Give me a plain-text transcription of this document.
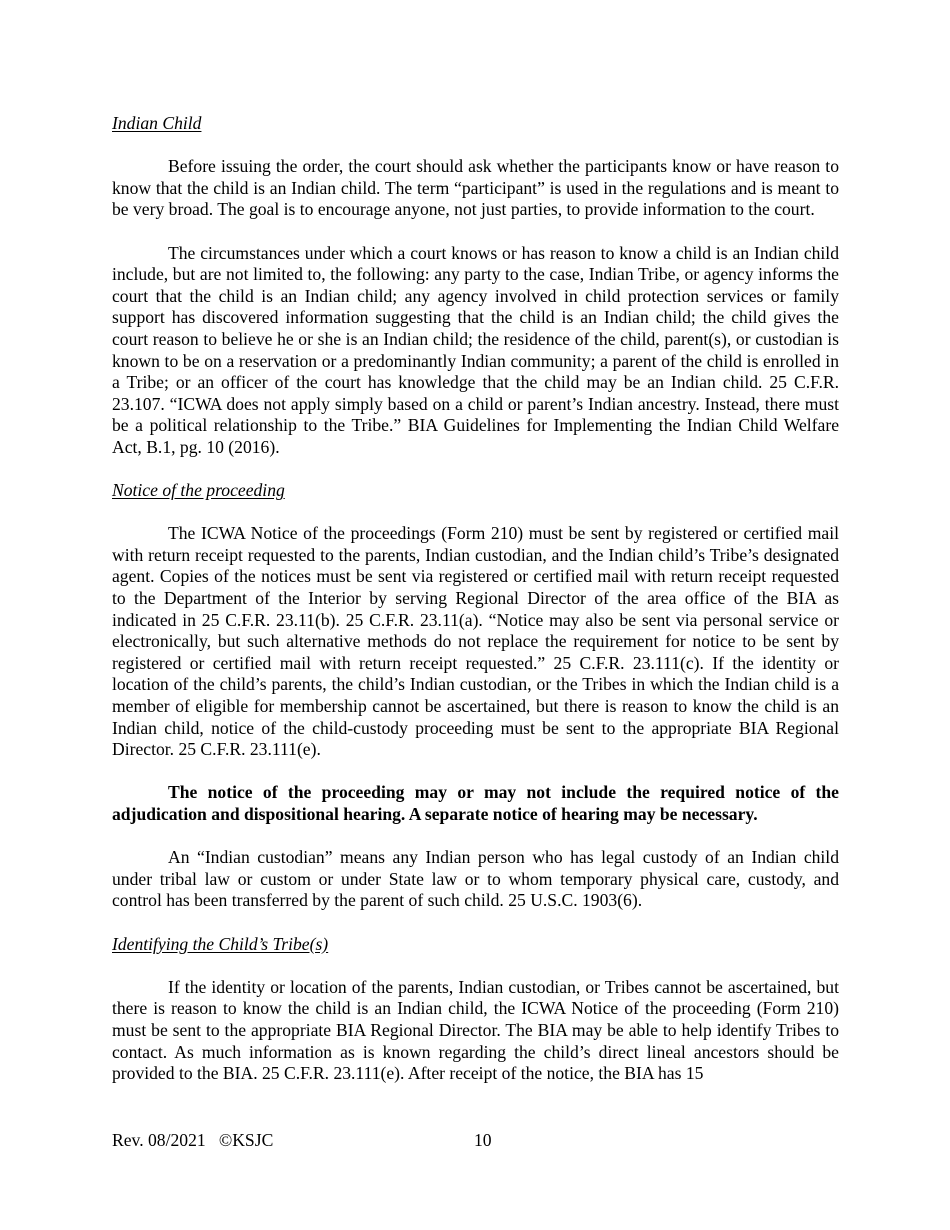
Indian Child

Before issuing the order, the court should ask whether the participants know or have reason to know that the child is an Indian child. The term “participant” is used in the regulations and is meant to be very broad. The goal is to encourage anyone, not just parties, to provide information to the court.

The circumstances under which a court knows or has reason to know a child is an Indian child include, but are not limited to, the following: any party to the case, Indian Tribe, or agency informs the court that the child is an Indian child; any agency involved in child protection services or family support has discovered information suggesting that the child is an Indian child; the child gives the court reason to believe he or she is an Indian child; the residence of the child, parent(s), or custodian is known to be on a reservation or a predominantly Indian community; a parent of the child is enrolled in a Tribe; or an officer of the court has knowledge that the child may be an Indian child. 25 C.F.R. 23.107. “ICWA does not apply simply based on a child or parent’s Indian ancestry. Instead, there must be a political relationship to the Tribe.” BIA Guidelines for Implementing the Indian Child Welfare Act, B.1, pg. 10 (2016).

Notice of the proceeding

The ICWA Notice of the proceedings (Form 210) must be sent by registered or certified mail with return receipt requested to the parents, Indian custodian, and the Indian child’s Tribe’s designated agent. Copies of the notices must be sent via registered or certified mail with return receipt requested to the Department of the Interior by serving Regional Director of the area office of the BIA as indicated in 25 C.F.R. 23.11(b). 25 C.F.R. 23.11(a). “Notice may also be sent via personal service or electronically, but such alternative methods do not replace the requirement for notice to be sent by registered or certified mail with return receipt requested.” 25 C.F.R. 23.111(c). If the identity or location of the child’s parents, the child’s Indian custodian, or the Tribes in which the Indian child is a member of eligible for membership cannot be ascertained, but there is reason to know the child is an Indian child, notice of the child-custody proceeding must be sent to the appropriate BIA Regional Director. 25 C.F.R. 23.111(e).

The notice of the proceeding may or may not include the required notice of the adjudication and dispositional hearing. A separate notice of hearing may be necessary.

An “Indian custodian” means any Indian person who has legal custody of an Indian child under tribal law or custom or under State law or to whom temporary physical care, custody, and control has been transferred by the parent of such child. 25 U.S.C. 1903(6).

Identifying the Child’s Tribe(s)

If the identity or location of the parents, Indian custodian, or Tribes cannot be ascertained, but there is reason to know the child is an Indian child, the ICWA Notice of the proceeding (Form 210) must be sent to the appropriate BIA Regional Director. The BIA may be able to help identify Tribes to contact. As much information as is known regarding the child’s direct lineal ancestors should be provided to the BIA. 25 C.F.R. 23.111(e). After receipt of the notice, the BIA has 15

Rev. 08/2021   ©KSJC	10
